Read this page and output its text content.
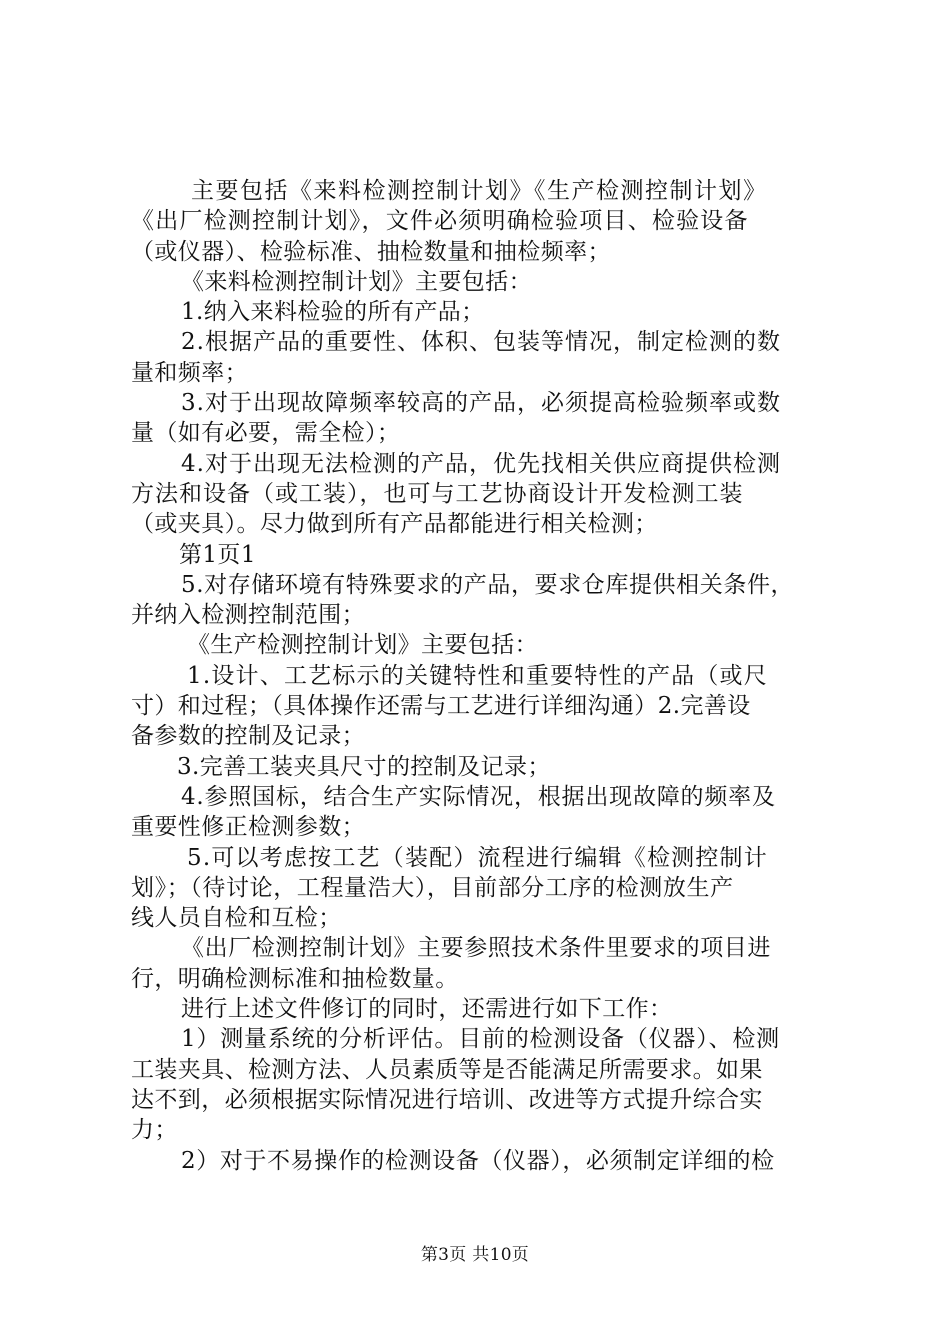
主要包括《来料检测控制计划》《生产检测控制计划》
《出厂检测控制计划》，文件必须明确检验项目、检验设备
（或仪器）、检验标准、抽检数量和抽检频率；
《来料检测控制计划》主要包括：
1.纳入来料检验的所有产品；
2.根据产品的重要性、体积、包装等情况，制定检测的数
量和频率；
3.对于出现故障频率较高的产品，必须提高检验频率或数
量（如有必要，需全检）；
4.对于出现无法检测的产品，优先找相关供应商提供检测
方法和设备（或工装），也可与工艺协商设计开发检测工装
（或夹具）。尽力做到所有产品都能进行相关检测；
第1页1
5.对存储环境有特殊要求的产品，要求仓库提供相关条件，
并纳入检测控制范围；
《生产检测控制计划》主要包括：
1.设计、工艺标示的关键特性和重要特性的产品（或尺
寸）和过程；（具体操作还需与工艺进行详细沟通）2.完善设
备参数的控制及记录；
3.完善工装夹具尺寸的控制及记录；
4.参照国标，结合生产实际情况，根据出现故障的频率及
重要性修正检测参数；
5.可以考虑按工艺（装配）流程进行编辑《检测控制计
划》；（待讨论，工程量浩大），目前部分工序的检测放生产
线人员自检和互检；
《出厂检测控制计划》主要参照技术条件里要求的项目进
行，明确检测标准和抽检数量。
进行上述文件修订的同时，还需进行如下工作：
1）测量系统的分析评估。目前的检测设备（仪器）、检测
工装夹具、检测方法、人员素质等是否能满足所需要求。如果
达不到，必须根据实际情况进行培训、改进等方式提升综合实
力；
2）对于不易操作的检测设备（仪器），必须制定详细的检
第3页 共10页
